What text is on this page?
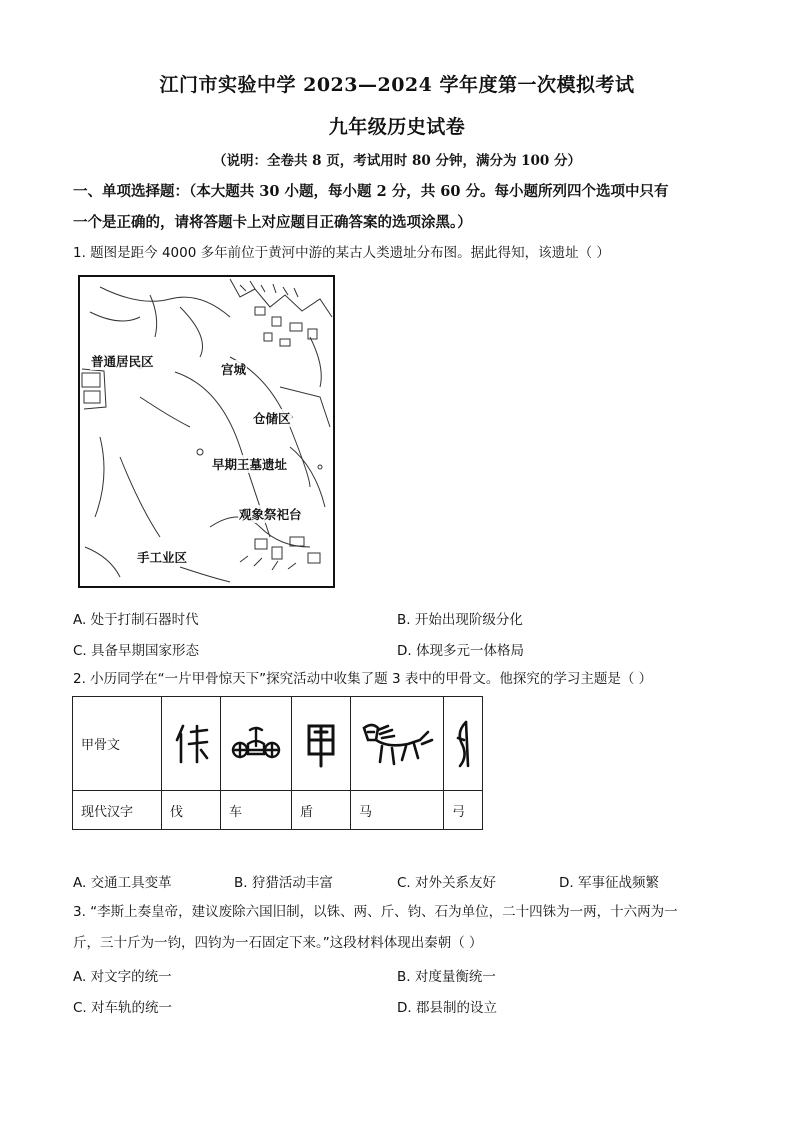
江门市实验中学 2023—2024 学年度第一次模拟考试
九年级历史试卷
（说明：全卷共 8 页，考试用时 80 分钟，满分为 100 分）
一、单项选择题：（本大题共 30 小题，每小题 2 分，共 60 分。每小题所列四个选项中只有
一个是正确的，请将答题卡上对应题目正确答案的选项涂黑。）
1. 题图是距今 4000 多年前位于黄河中游的某古人类遗址分布图。据此得知，该遗址（ ）
普通居民区
宫城
仓储区
早期王墓遗址
观象祭祀台
手工业区
A. 处于打制石器时代	B. 开始出现阶级分化
C. 具备早期国家形态	D. 体现多元一体格局
2. 小历同学在“一片甲骨惊天下”探究活动中收集了题 3 表中的甲骨文。他探究的学习主题是（ ）
甲骨文	

现代汉字	伐	车	盾	马	弓
A. 交通工具变革	B. 狩猎活动丰富	C. 对外关系友好	D. 军事征战频繁
3. “李斯上奏皇帝，建议废除六国旧制，以铢、两、斤、钧、石为单位，二十四铢为一两，十六两为一
斤，三十斤为一钧，四钧为一石固定下来。”这段材料体现出秦朝（ ）
A. 对文字的统一	B. 对度量衡统一
C. 对车轨的统一	D. 郡县制的设立
